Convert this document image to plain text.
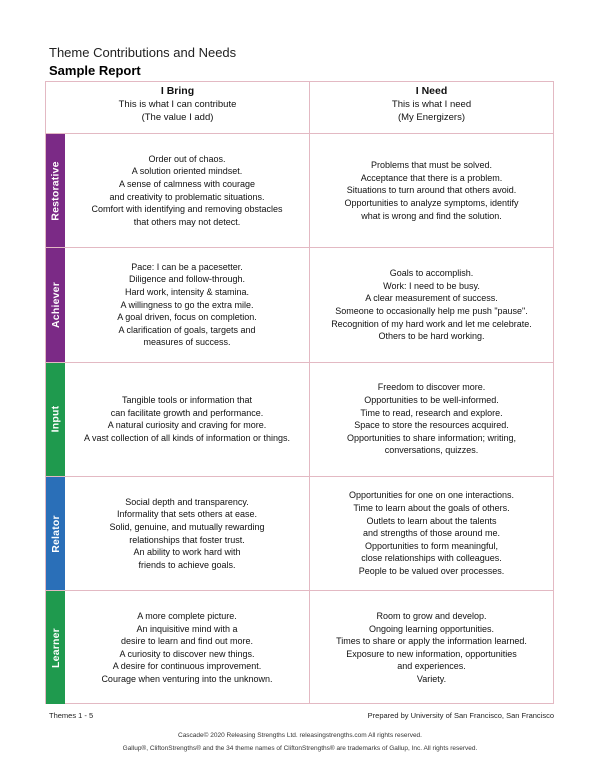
Theme Contributions and Needs
Sample Report
I Bring
This is what I can contribute
(The value I add)
I Need
This is what I need
(My Energizers)
Restorative
Order out of chaos.
A solution oriented mindset.
A sense of calmness with courage
and creativity to problematic situations.
Comfort with identifying and removing obstacles
that others may not detect.
Problems that must be solved.
Acceptance that there is a problem.
Situations to turn around that others avoid.
Opportunities to analyze symptoms, identify
what is wrong and find the solution.
Achiever
Pace: I can be a pacesetter.
Diligence and follow-through.
Hard work, intensity & stamina.
A willingness to go the extra mile.
A goal driven, focus on completion.
A clarification of goals, targets and
measures of success.
Goals to accomplish.
Work: I need to be busy.
A clear measurement of success.
Someone to occasionally help me push "pause".
Recognition of my hard work and let me celebrate.
Others to be hard working.
Input
Tangible tools or information that
can facilitate growth and performance.
A natural curiosity and craving for more.
A vast collection of all kinds of information or things.
Freedom to discover more.
Opportunities to be well-informed.
Time to read, research and explore.
Space to store the resources acquired.
Opportunities to share information; writing,
conversations, quizzes.
Relator
Social depth and transparency.
Informality that sets others at ease.
Solid, genuine, and mutually rewarding
relationships that foster trust.
An ability to work hard with
friends to achieve goals.
Opportunities for one on one interactions.
Time to learn about the goals of others.
Outlets to learn about the talents
and strengths of those around me.
Opportunities to form meaningful,
close relationships with colleagues.
People to be valued over processes.
Learner
A more complete picture.
An inquisitive mind with a
desire to learn and find out more.
A curiosity to discover new things.
A desire for continuous improvement.
Courage when venturing into the unknown.
Room to grow and develop.
Ongoing learning opportunities.
Times to share or apply the information learned.
Exposure to new information, opportunities
and experiences.
Variety.
Themes 1 - 5	Prepared by University of San Francisco, San Francisco
Cascade© 2020 Releasing Strengths Ltd. releasingstrengths.com All rights reserved.
Gallup®, CliftonStrengths® and the 34 theme names of CliftonStrengths® are trademarks of Gallup, Inc. All rights reserved.
